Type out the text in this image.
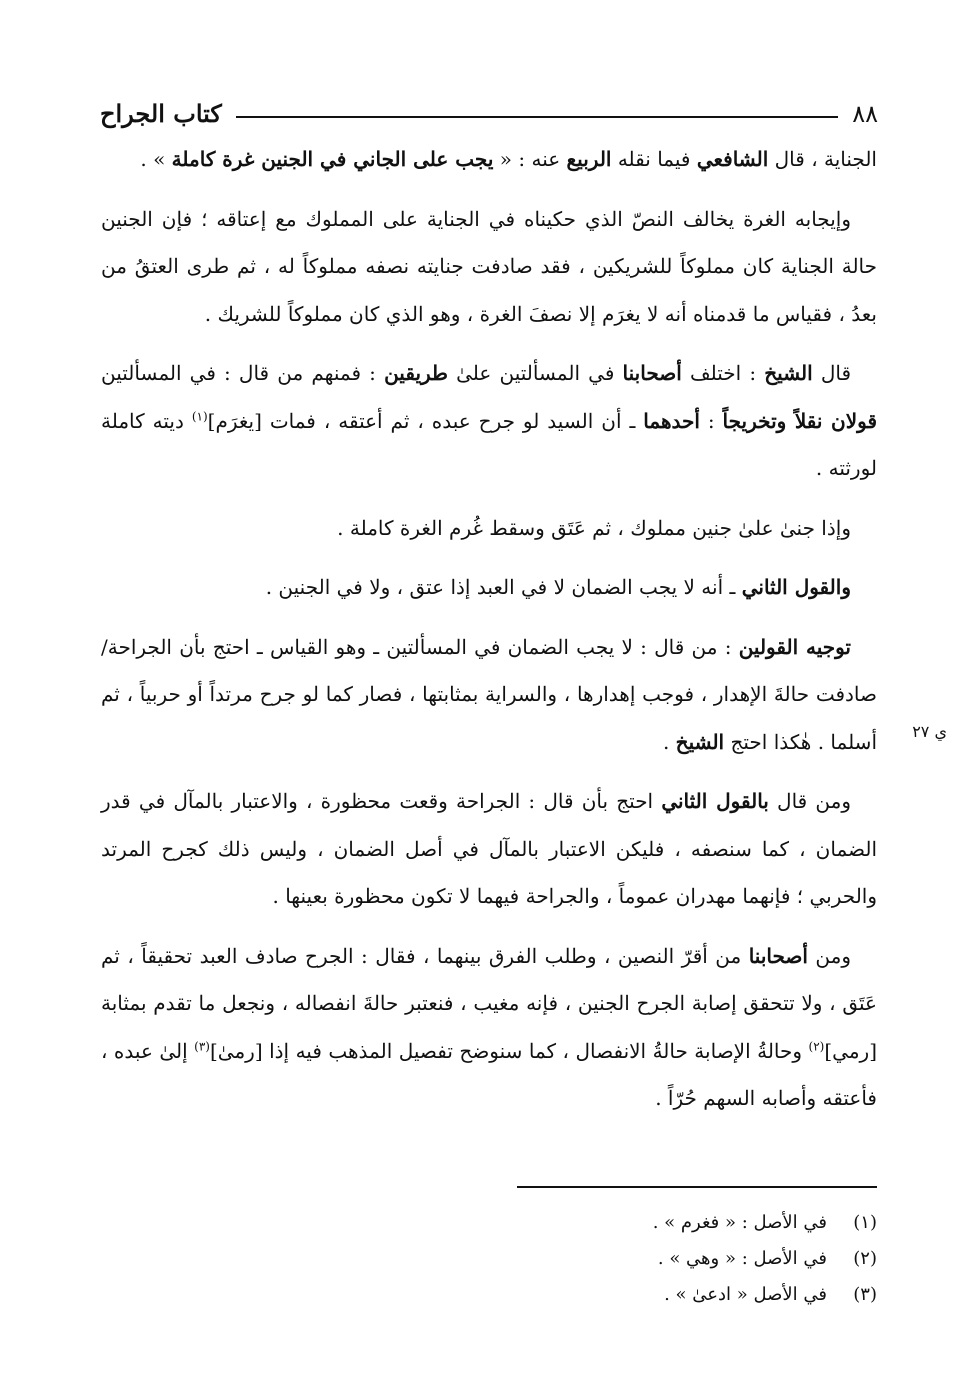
٨٨
كتاب الجراح
ي ٢٧

الجناية ، قال الشافعي فيما نقله الربيع عنه : « يجب على الجاني في الجنين غرة كاملة » .

وإيجابه الغرة يخالف النصّ الذي حكيناه في الجناية على المملوك مع إعتاقه ؛ فإن الجنين حالة الجناية كان مملوكاً للشريكين ، فقد صادفت جنايته نصفه مملوكاً له ، ثم طرى العتقُ من بعدُ ، فقياس ما قدمناه أنه لا يغرَم إلا نصفَ الغرة ، وهو الذي كان مملوكاً للشريك .

قال الشيخ : اختلف أصحابنا في المسألتين علىٰ طريقين : فمنهم من قال : في المسألتين قولان نقلاً وتخريجاً : أحدهما ـ أن السيد لو جرح عبده ، ثم أعتقه ، فمات [يغرَم]$^{(١)}$ ديته كاملة لورثته .

وإذا جنىٰ علىٰ جنين مملوك ، ثم عَتَق وسقط غُرم الغرة كاملة .

والقول الثاني ـ أنه لا يجب الضمان لا في العبد إذا عتق ، ولا في الجنين .

توجيه القولين : من قال : لا يجب الضمان في المسألتين ـ وهو القياس ـ احتج بأن الجراحة/ صادفت حالةَ الإهدار ، فوجب إهدارها ، والسراية بمثابتها ، فصار كما لو جرح مرتداً أو حربياً ، ثم أسلما . هٰكذا احتج الشيخ .

ومن قال بالقول الثاني احتج بأن قال : الجراحة وقعت محظورة ، والاعتبار بالمآل في قدر الضمان ، كما سنصفه ، فليكن الاعتبار بالمآل في أصل الضمان ، وليس ذلك كجرح المرتد والحربي ؛ فإنهما مهدران عموماً ، والجراحة فيهما لا تكون محظورة بعينها .

ومن أصحابنا من أقرّ النصين ، وطلب الفرق بينهما ، فقال : الجرح صادف العبد تحقيقاً ، ثم عَتَق ، ولا تتحقق إصابة الجرح الجنين ، فإنه مغيب ، فنعتبر حالةَ انفصاله ، ونجعل ما تقدم بمثابة [رمي]$^{(٢)}$ وحالةُ الإصابة حالةُ الانفصال ، كما سنوضح تفصيل المذهب فيه إذا [رمىٰ]$^{(٣)}$ إلىٰ عبده ، فأعتقه وأصابه السهم حُرّاً .

(١)
في الأصل : « فغرم » .
(٢)
في الأصل : « وهي » .
(٣)
في الأصل « ادعىٰ » .
